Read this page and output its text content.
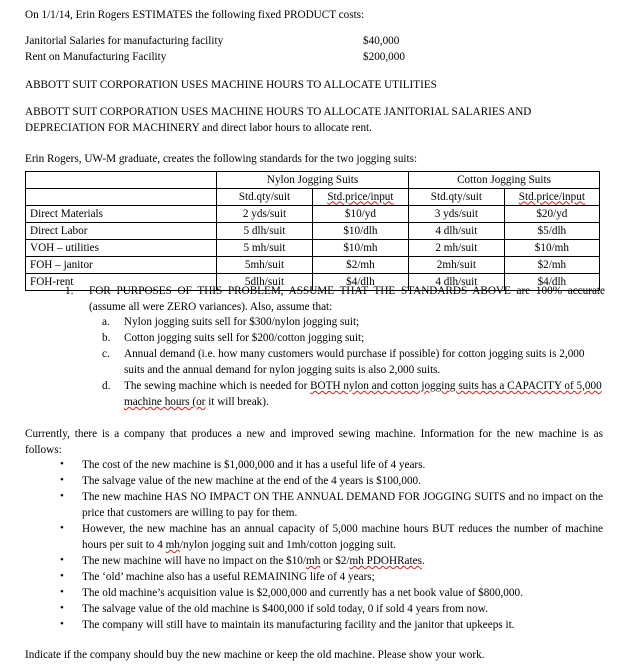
On 1/1/14, Erin Rogers ESTIMATES the following fixed PRODUCT costs:
Janitorial Salaries for manufacturing facility	$40,000
Rent on Manufacturing Facility	$200,000
ABBOTT SUIT CORPORATION USES MACHINE HOURS TO ALLOCATE UTILITIES
ABBOTT SUIT CORPORATION USES MACHINE HOURS TO ALLOCATE JANITORIAL SALARIES AND DEPRECIATION FOR MACHINERY and direct labor hours to allocate rent.
Erin Rogers, UW-M graduate, creates the following standards for the two jogging suits:
	Nylon Jogging Suits		Cotton Jogging Suits	
	Std.qty/suit	Std.price/input	Std.qty/suit	Std.price/input
Direct Materials	2 yds/suit	$10/yd	3 yds/suit	$20/yd
Direct Labor	5 dlh/suit	$10/dlh	4 dlh/suit	$5/dlh
VOH – utilities	5 mh/suit	$10/mh	2 mh/suit	$10/mh
FOH – janitor	5mh/suit	$2/mh	2mh/suit	$2/mh
FOH-rent	5dlh/suit	$4/dlh	4 dlh/suit	$4/dlh
1.	FOR PURPOSES OF THIS PROBLEM, ASSUME THAT THE STANDARDS ABOVE are 100% accurate (assume all were ZERO variances). Also, assume that:
a.	Nylon jogging suits sell for $300/nylon jogging suit;
b.	Cotton jogging suits sell for $200/cotton jogging suit;
c.	Annual demand (i.e. how many customers would purchase if possible) for cotton jogging suits is 2,000 suits and the annual demand for nylon jogging suits is also 2,000 suits.
d.	The sewing machine which is needed for BOTH nylon and cotton jogging suits has a CAPACITY of 5,000 machine hours (or it will break).
Currently, there is a company that produces a new and improved sewing machine. Information for the new machine is as follows:
•	The cost of the new machine is $1,000,000 and it has a useful life of 4 years.
•	The salvage value of the new machine at the end of the 4 years is $100,000.
•	The new machine HAS NO IMPACT ON THE ANNUAL DEMAND FOR JOGGING SUITS and no impact on the price that customers are willing to pay for them.
•	However, the new machine has an annual capacity of 5,000 machine hours BUT reduces the number of machine hours per suit to 4 mh/nylon jogging suit and 1mh/cotton jogging suit.
•	The new machine will have no impact on the $10/mh or $2/mh PDOHRates.
•	The ‘old’ machine also has a useful REMAINING life of 4 years;
•	The old machine’s acquisition value is $2,000,000 and currently has a net book value of $800,000.
•	The salvage value of the old machine is $400,000 if sold today, 0 if sold 4 years from now.
•	The company will still have to maintain its manufacturing facility and the janitor that upkeeps it.
Indicate if the company should buy the new machine or keep the old machine. Please show your work.
